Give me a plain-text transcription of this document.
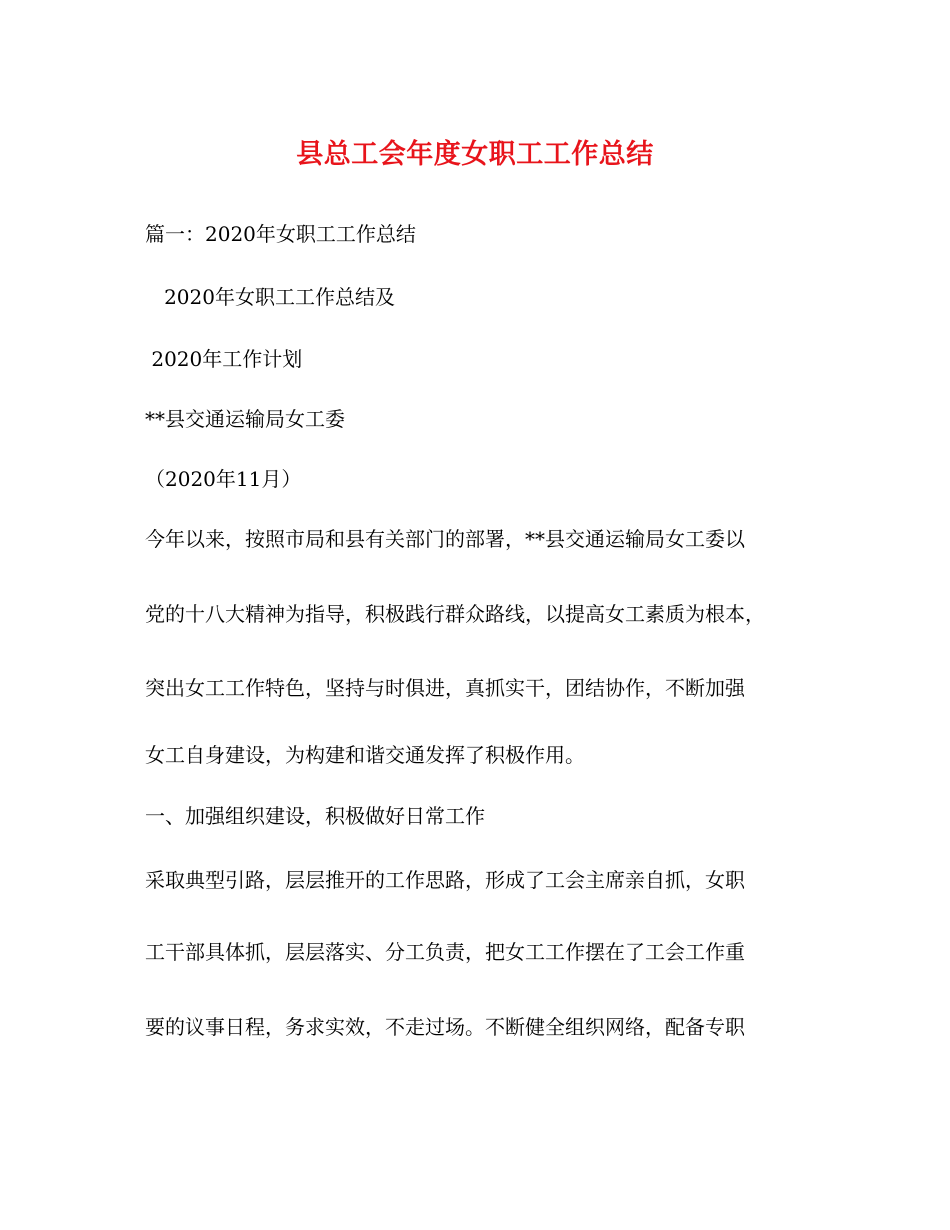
县总工会年度女职工工作总结
篇一：2020年女职工工作总结
2020年女职工工作总结及
2020年工作计划
**县交通运输局女工委
（2020年11月）
今年以来，按照市局和县有关部门的部署，**县交通运输局女工委以
党的十八大精神为指导，积极践行群众路线，以提高女工素质为根本，
突出女工工作特色，坚持与时俱进，真抓实干，团结协作，不断加强
女工自身建设，为构建和谐交通发挥了积极作用。
一、加强组织建设，积极做好日常工作
采取典型引路，层层推开的工作思路，形成了工会主席亲自抓，女职
工干部具体抓，层层落实、分工负责，把女工工作摆在了工会工作重
要的议事日程，务求实效，不走过场。不断健全组织网络，配备专职
